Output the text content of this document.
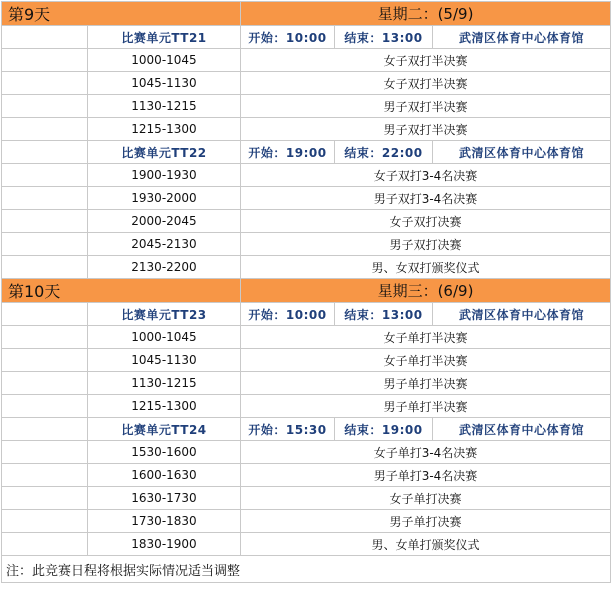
第9天		星期二：(5/9)		
	比赛单元TT21	开始：10:00	结束：13:00	武清区体育中心体育馆
	1000-1045	女子双打半决赛		
	1045-1130	女子双打半决赛		
	1130-1215	男子双打半决赛		
	1215-1300	男子双打半决赛		
	比赛单元TT22	开始：19:00	结束：22:00	武清区体育中心体育馆
	1900-1930	女子双打3-4名决赛		
	1930-2000	男子双打3-4名决赛		
	2000-2045	女子双打决赛		
	2045-2130	男子双打决赛		
	2130-2200	男、女双打颁奖仪式		
第10天		星期三：(6/9)		
	比赛单元TT23	开始：10:00	结束：13:00	武清区体育中心体育馆
	1000-1045	女子单打半决赛		
	1045-1130	女子单打半决赛		
	1130-1215	男子单打半决赛		
	1215-1300	男子单打半决赛		
	比赛单元TT24	开始：15:30	结束：19:00	武清区体育中心体育馆
	1530-1600	女子单打3-4名决赛		
	1600-1630	男子单打3-4名决赛		
	1630-1730	女子单打决赛		
	1730-1830	男子单打决赛		
	1830-1900	男、女单打颁奖仪式		
注：此竞赛日程将根据实际情况适当调整				
